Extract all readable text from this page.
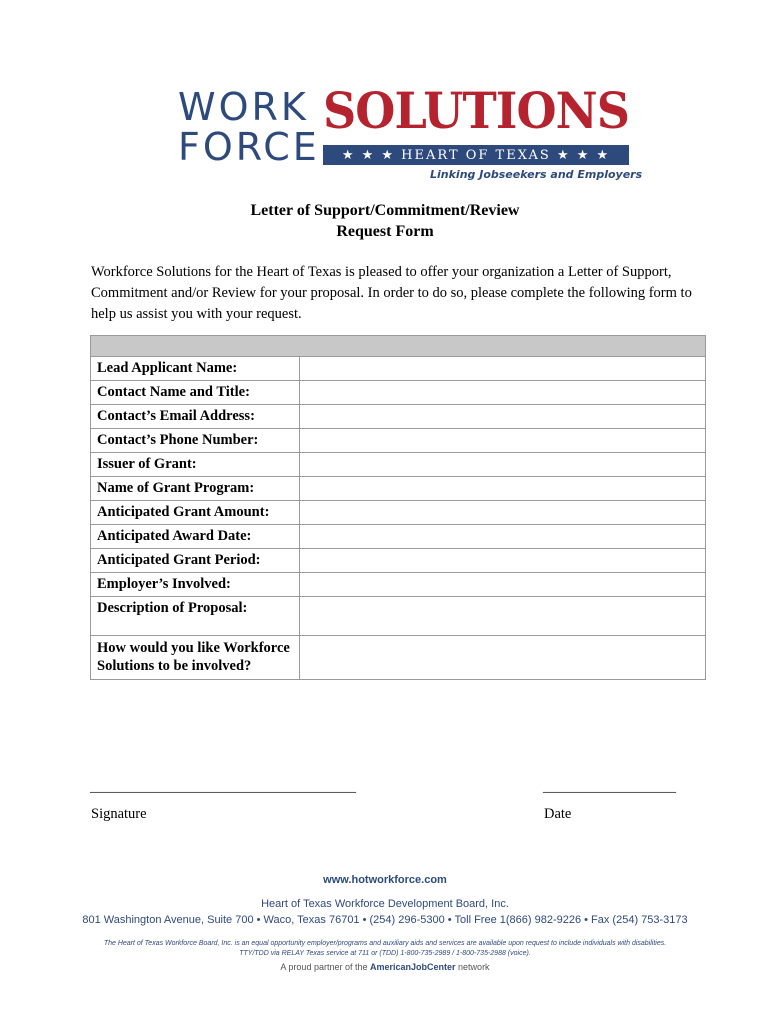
WORK
FORCE
SOLUTIONS
★ ★ ★ HEART OF TEXAS ★ ★ ★
Linking Jobseekers and Employers
Letter of Support/Commitment/Review
Request Form
Workforce Solutions for the Heart of Texas is pleased to offer your organization a Letter of Support, Commitment and/or Review for your proposal. In order to do so, please complete the following form to help us assist you with your request.

Lead Applicant Name:	
Contact Name and Title:	
Contact’s Email Address:	
Contact’s Phone Number:	
Issuer of Grant:	
Name of Grant Program:	
Anticipated Grant Amount:	
Anticipated Award Date:	
Anticipated Grant Period:	
Employer’s Involved:	
Description of Proposal:	
How would you like Workforce Solutions to be involved?	
______________________________________	___________________
Signature	Date
www.hotworkforce.com
Heart of Texas Workforce Development Board, Inc.
801 Washington Avenue, Suite 700 • Waco, Texas 76701 • (254) 296-5300 • Toll Free 1(866) 982-9226 • Fax (254) 753-3173
The Heart of Texas Workforce Board, Inc. is an equal opportunity employer/programs and auxiliary aids and services are available upon request to include individuals with disabilities.
TTY/TDD via RELAY Texas service at 711 or (TDD) 1-800-735-2989 / 1-800-735-2988 (voice).
A proud partner of the AmericanJobCenter network
